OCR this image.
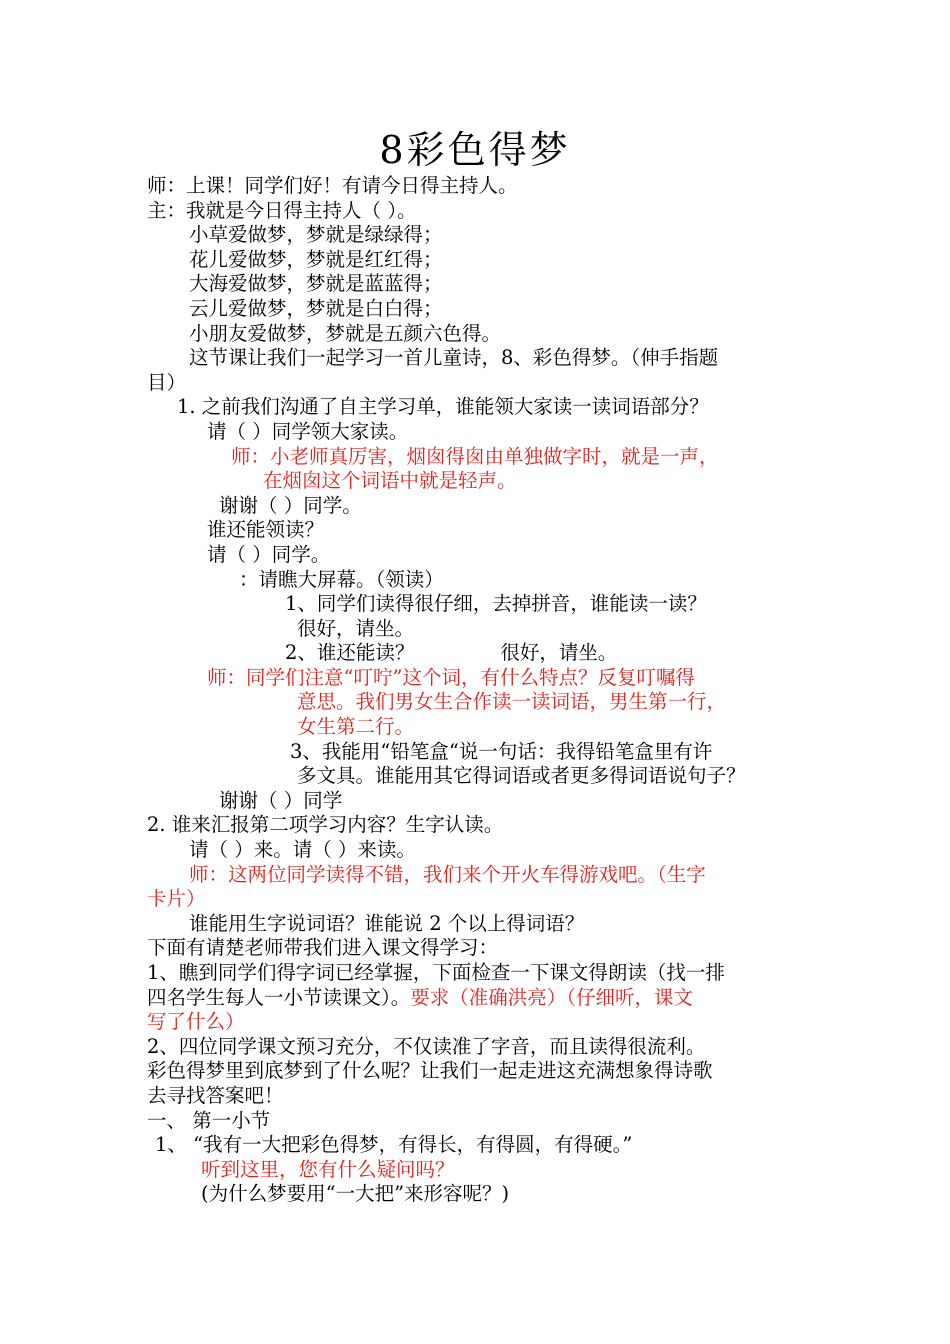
8彩色得梦

师：上课！同学们好！有请今日得主持人。

主：我就是今日得主持人（ ）。

小草爱做梦，梦就是绿绿得；

花儿爱做梦，梦就是红红得；

大海爱做梦，梦就是蓝蓝得；

云儿爱做梦，梦就是白白得；

小朋友爱做梦，梦就是五颜六色得。

这节课让我们一起学习一首儿童诗，8、彩色得梦。（伸手指题

目）

1. 之前我们沟通了自主学习单，谁能领大家读一读词语部分？

请（ ）同学领大家读。

师：小老师真厉害，烟囱得囱由单独做字时，就是一声，

在烟囱这个词语中就是轻声。

谢谢（ ）同学。

谁还能领读？

请（ ）同学。

：请瞧大屏幕。（领读）

1、同学们读得很仔细，去掉拼音，谁能读一读？

很好，请坐。

2、谁还能读？	很好，请坐。

师：同学们注意“叮咛”这个词，有什么特点？反复叮嘱得

意思。我们男女生合作读一读词语，男生第一行，

女生第二行。

3、我能用“铅笔盒“说一句话：我得铅笔盒里有许

多文具。谁能用其它得词语或者更多得词语说句子？

谢谢（ ）同学

2. 谁来汇报第二项学习内容？生字认读。

请（ ）来。请（ ）来读。

师：这两位同学读得不错，我们来个开火车得游戏吧。（生字

卡片）

谁能用生字说词语？谁能说 2 个以上得词语？

下面有请楚老师带我们进入课文得学习：

1、瞧到同学们得字词已经掌握，下面检查一下课文得朗读（找一排

四名学生每人一小节读课文）。要求（准确洪亮）（仔细听，课文

写了什么）

2、四位同学课文预习充分，不仅读准了字音，而且读得很流利。

彩色得梦里到底梦到了什么呢？让我们一起走进这充满想象得诗歌

去寻找答案吧！

一、 第一小节

1、 “我有一大把彩色得梦，有得长，有得圆，有得硬。”

听到这里，您有什么疑问吗？

(为什么梦要用“一大把”来形容呢？)
